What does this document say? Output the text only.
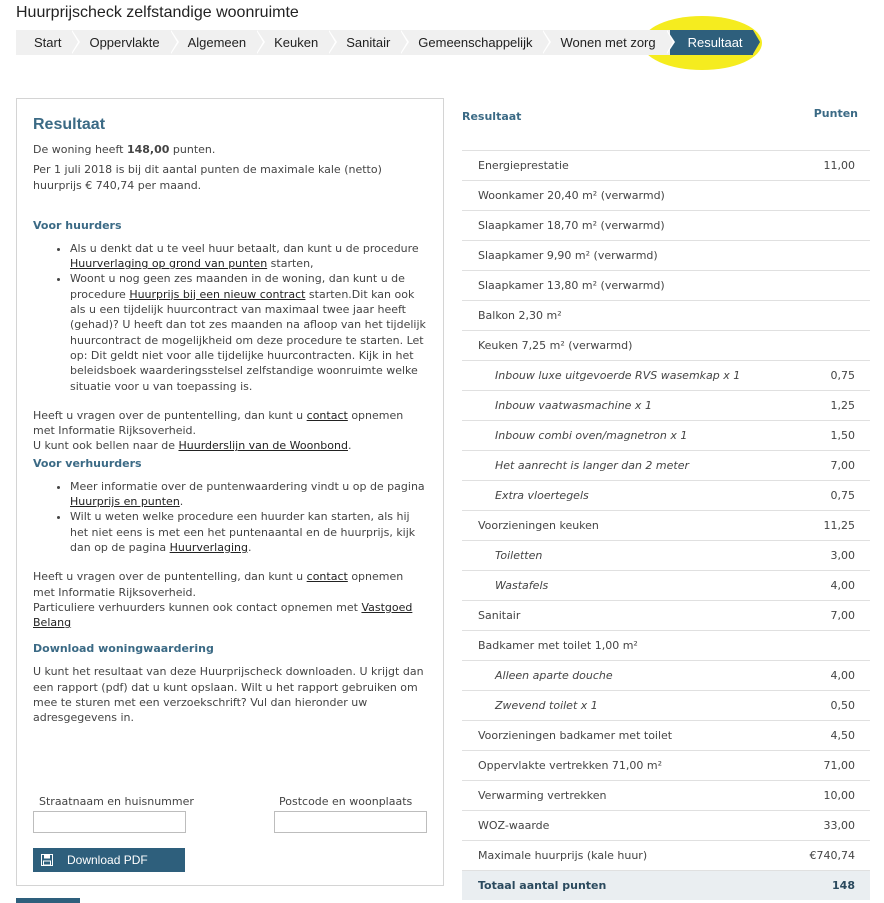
Huurprijscheck zelfstandige woonruimte
Start	Oppervlakte	Algemeen	Keuken	Sanitair	Gemeenschappelijk	Wonen met zorg	Resultaat
Resultaat

De woning heeft 148,00 punten.

Per 1 juli 2018 is bij dit aantal punten de maximale kale (netto) huurprijs € 740,74 per maand.

Voor huurders
• Als u denkt dat u te veel huur betaalt, dan kunt u de procedure Huurverlaging op grond van punten starten,
• Woont u nog geen zes maanden in de woning, dan kunt u de procedure Huurprijs bij een nieuw contract starten.Dit kan ook als u een tijdelijk huurcontract van maximaal twee jaar heeft (gehad)? U heeft dan tot zes maanden na afloop van het tijdelijk huurcontract de mogelijkheid om deze procedure te starten. Let op: Dit geldt niet voor alle tijdelijke huurcontracten. Kijk in het beleidsboek waarderingsstelsel zelfstandige woonruimte welke situatie voor u van toepassing is.

Heeft u vragen over de puntentelling, dan kunt u contact opnemen met Informatie Rijksoverheid.

U kunt ook bellen naar de Huurderslijn van de Woonbond.

Voor verhuurders
• Meer informatie over de puntenwaardering vindt u op de pagina Huurprijs en punten.
• Wilt u weten welke procedure een huurder kan starten, als hij het niet eens is met een het puntenaantal en de huurprijs, kijk dan op de pagina Huurverlaging.

Heeft u vragen over de puntentelling, dan kunt u contact opnemen met Informatie Rijksoverheid.

Particuliere verhuurders kunnen ook contact opnemen met Vastgoed Belang

Download woningwaardering

U kunt het resultaat van deze Huurprijscheck downloaden. U krijgt dan een rapport (pdf) dat u kunt opslaan. Wilt u het rapport gebruiken om mee te sturen met een verzoekschrift? Vul dan hieronder uw adresgegevens in.

Straatnaam en huisnummer	Postcode en woonplaats
Download PDF
Resultaat	Punten
Energieprestatie	11,00
Woonkamer 20,40 m² (verwarmd)
Slaapkamer 18,70 m² (verwarmd)
Slaapkamer 9,90 m² (verwarmd)
Slaapkamer 13,80 m² (verwarmd)
Balkon 2,30 m²
Keuken 7,25 m² (verwarmd)
Inbouw luxe uitgevoerde RVS wasemkap x 1	0,75
Inbouw vaatwasmachine x 1	1,25
Inbouw combi oven/magnetron x 1	1,50
Het aanrecht is langer dan 2 meter	7,00
Extra vloertegels	0,75
Voorzieningen keuken	11,25
Toiletten	3,00
Wastafels	4,00
Sanitair	7,00
Badkamer met toilet 1,00 m²
Alleen aparte douche	4,00
Zwevend toilet x 1	0,50
Voorzieningen badkamer met toilet	4,50
Oppervlakte vertrekken 71,00 m²	71,00
Verwarming vertrekken	10,00
WOZ-waarde	33,00
Maximale huurprijs (kale huur)	€740,74
Totaal aantal punten	148
